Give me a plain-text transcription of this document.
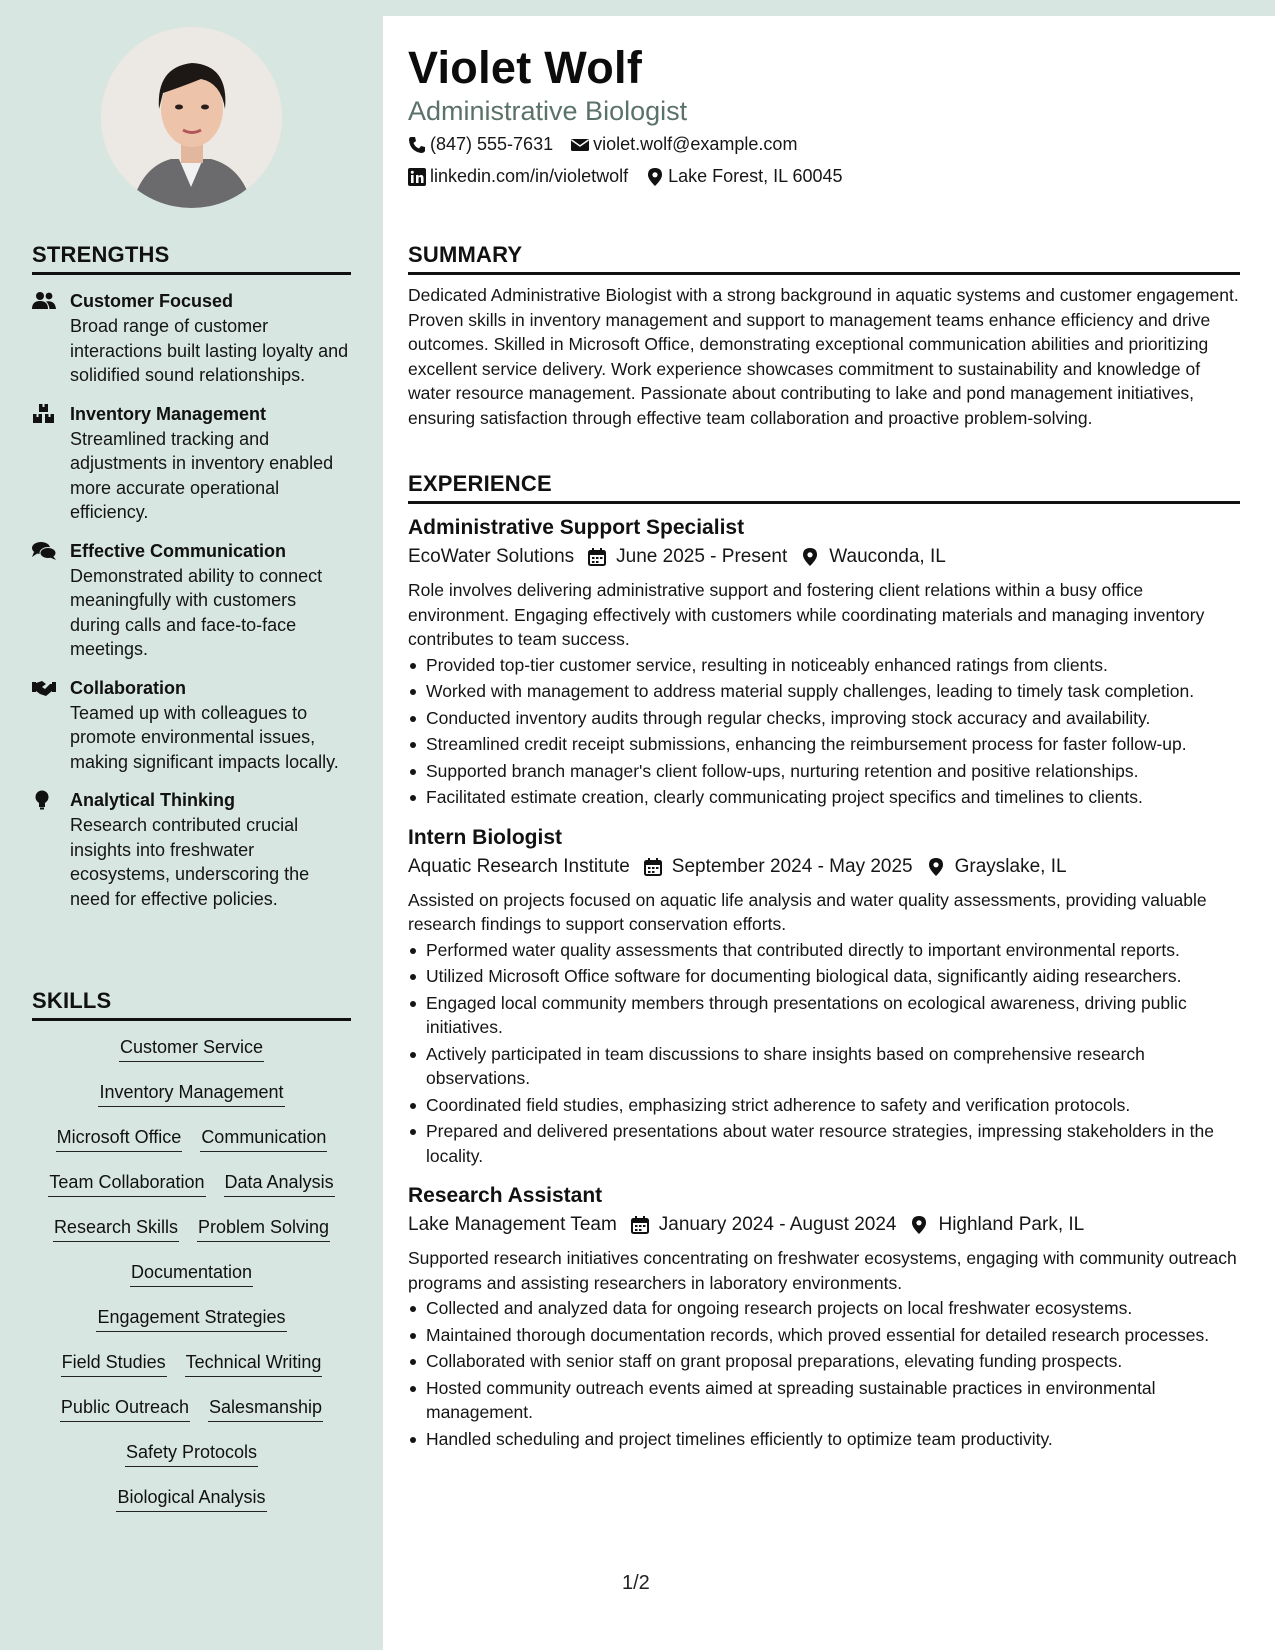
STRENGTHS
Customer Focused
Broad range of customer interactions built lasting loyalty and solidified sound relationships.
Inventory Management
Streamlined tracking and adjustments in inventory enabled more accurate operational efficiency.
Effective Communication
Demonstrated ability to connect meaningfully with customers during calls and face-to-face meetings.
Collaboration
Teamed up with colleagues to promote environmental issues, making significant impacts locally.
Analytical Thinking
Research contributed crucial insights into freshwater ecosystems, underscoring the need for effective policies.
SKILLS
Customer Service
Inventory Management
Microsoft Office Communication
Team Collaboration Data Analysis
Research Skills Problem Solving
Documentation
Engagement Strategies
Field Studies Technical Writing
Public Outreach Salesmanship
Safety Protocols
Biological Analysis
Violet Wolf
Administrative Biologist
(847) 555-7631 violet.wolf@example.com
linkedin.com/in/violetwolf Lake Forest, IL 60045
SUMMARY
Dedicated Administrative Biologist with a strong background in aquatic systems and customer engagement. Proven skills in inventory management and support to management teams enhance efficiency and drive outcomes. Skilled in Microsoft Office, demonstrating exceptional communication abilities and prioritizing excellent service delivery. Work experience showcases commitment to sustainability and knowledge of water resource management. Passionate about contributing to lake and pond management initiatives, ensuring satisfaction through effective team collaboration and proactive problem-solving.
EXPERIENCE
Administrative Support Specialist
EcoWater Solutions June 2025 - Present Wauconda, IL
Role involves delivering administrative support and fostering client relations within a busy office environment. Engaging effectively with customers while coordinating materials and managing inventory contributes to team success.
Provided top-tier customer service, resulting in noticeably enhanced ratings from clients.
Worked with management to address material supply challenges, leading to timely task completion.
Conducted inventory audits through regular checks, improving stock accuracy and availability.
Streamlined credit receipt submissions, enhancing the reimbursement process for faster follow-up.
Supported branch manager's client follow-ups, nurturing retention and positive relationships.
Facilitated estimate creation, clearly communicating project specifics and timelines to clients.
Intern Biologist
Aquatic Research Institute September 2024 - May 2025 Grayslake, IL
Assisted on projects focused on aquatic life analysis and water quality assessments, providing valuable research findings to support conservation efforts.
Performed water quality assessments that contributed directly to important environmental reports.
Utilized Microsoft Office software for documenting biological data, significantly aiding researchers.
Engaged local community members through presentations on ecological awareness, driving public initiatives.
Actively participated in team discussions to share insights based on comprehensive research observations.
Coordinated field studies, emphasizing strict adherence to safety and verification protocols.
Prepared and delivered presentations about water resource strategies, impressing stakeholders in the locality.
Research Assistant
Lake Management Team January 2024 - August 2024 Highland Park, IL
Supported research initiatives concentrating on freshwater ecosystems, engaging with community outreach programs and assisting researchers in laboratory environments.
Collected and analyzed data for ongoing research projects on local freshwater ecosystems.
Maintained thorough documentation records, which proved essential for detailed research processes.
Collaborated with senior staff on grant proposal preparations, elevating funding prospects.
Hosted community outreach events aimed at spreading sustainable practices in environmental management.
Handled scheduling and project timelines efficiently to optimize team productivity.
1/2
